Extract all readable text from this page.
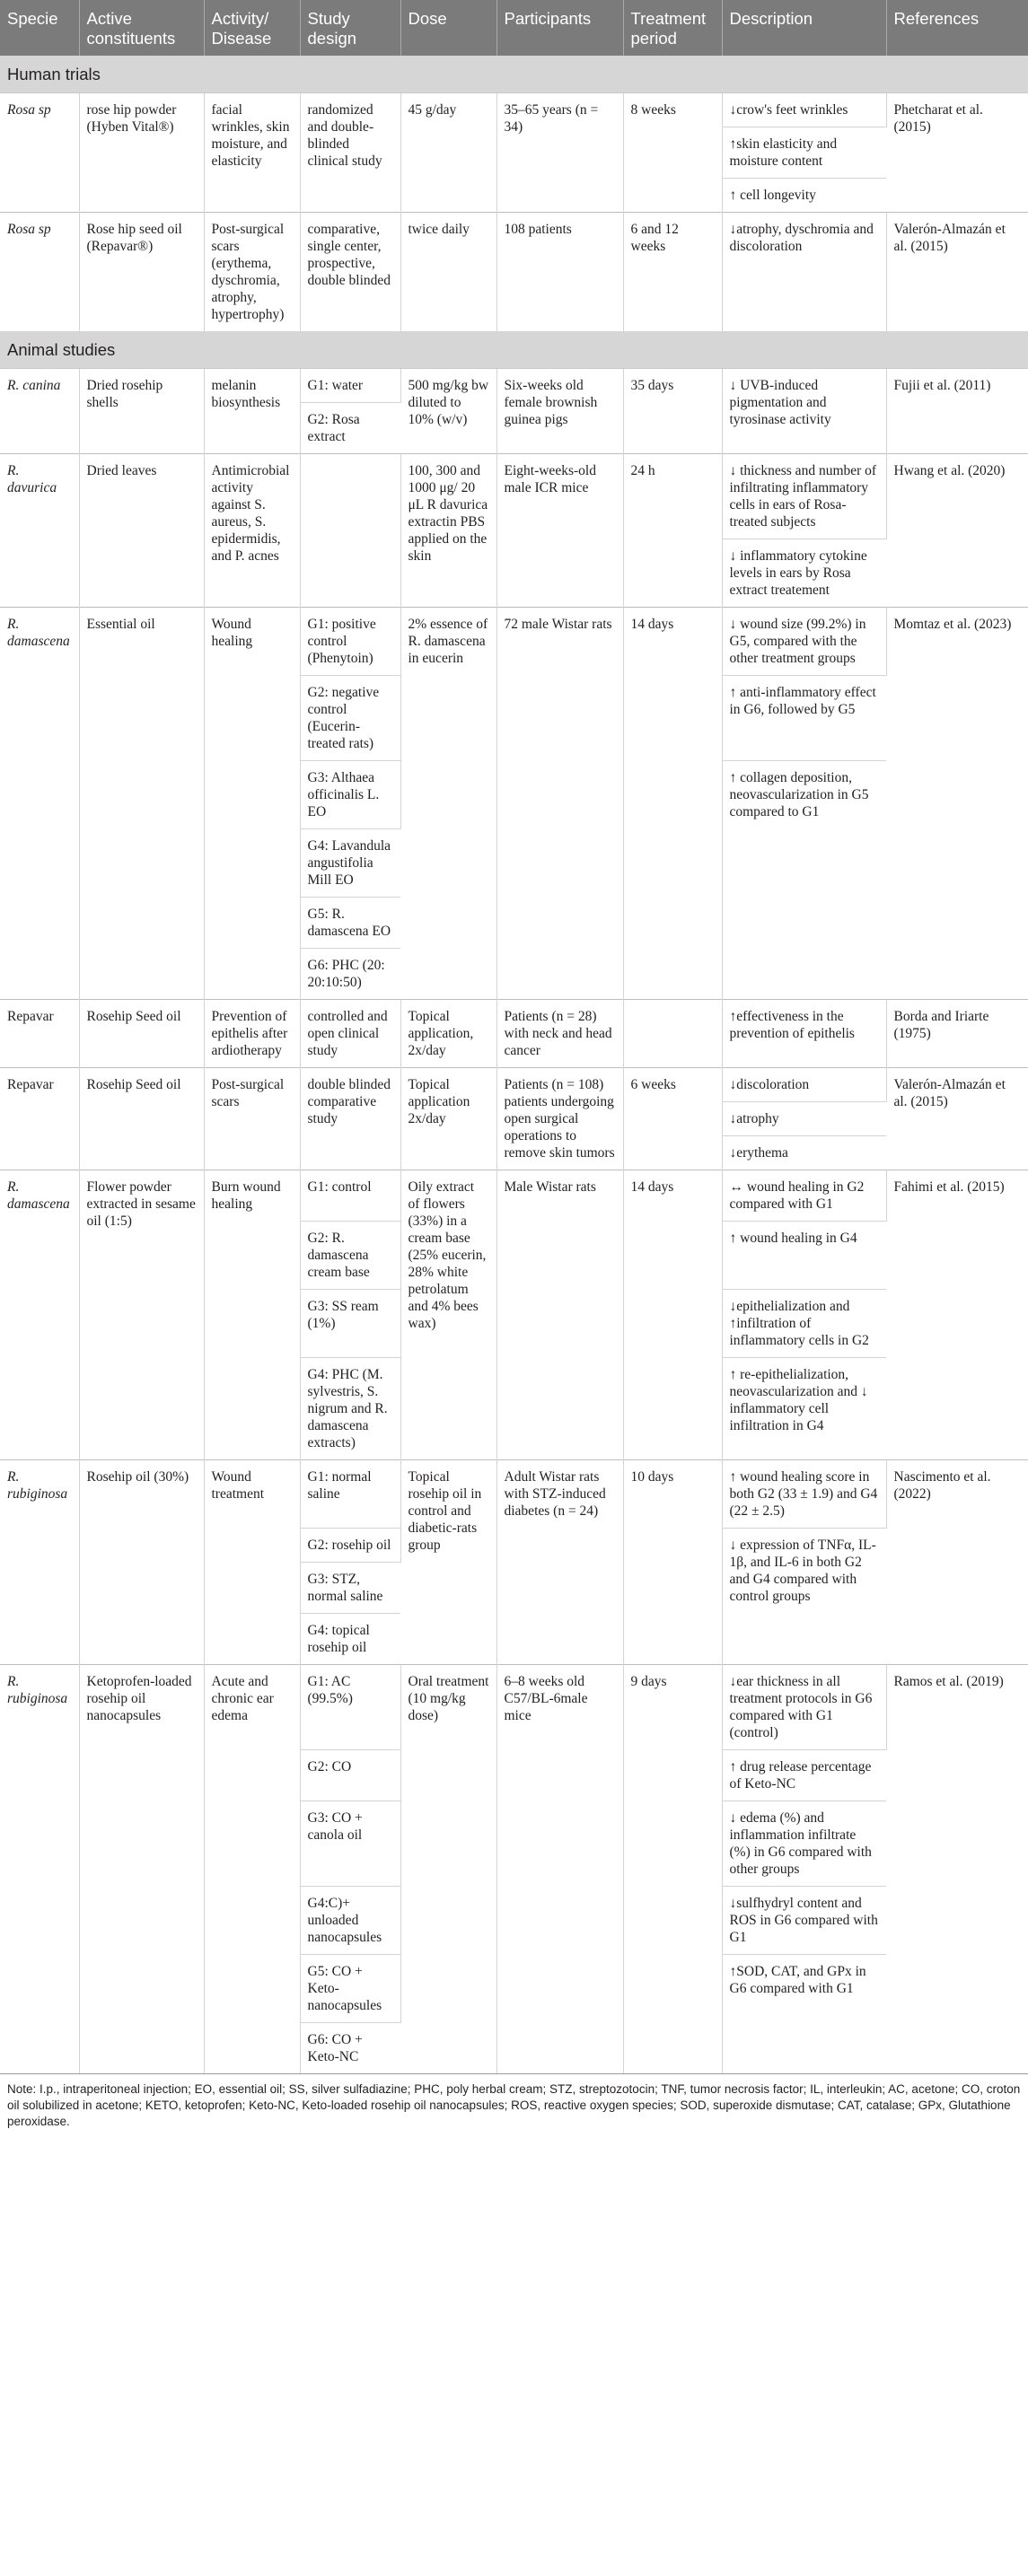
Specie	Active constituents	Activity/ Disease	Study design	Dose	Participants	Treatment period	Description	References
Human trials								
Rosa sp	rose hip powder (Hyben Vital®)	facial wrinkles, skin moisture, and elasticity	randomized and double-blinded clinical study	45 g/day	35–65 years (n = 34)	8 weeks	↓crow's feet wrinkles	Phetcharat et al. (2015)
							↑skin elasticity and moisture content	
							↑ cell longevity	
Rosa sp	Rose hip seed oil (Repavar®)	Post-surgical scars (erythema, dyschromia, atrophy, hypertrophy)	comparative, single center, prospective, double blinded	twice daily	108 patients	6 and 12 weeks	↓atrophy, dyschromia and discoloration	Valerón-Almazán et al. (2015)
Animal studies								
R. canina	Dried rosehip shells	melanin biosynthesis	G1: water	500 mg/kg bw diluted to 10% (w/v)	Six-weeks old female brownish guinea pigs	35 days	↓ UVB-induced pigmentation and tyrosinase activity	Fujii et al. (2011)
			G2: Rosa extract					
R. davurica	Dried leaves	Antimicrobial activity against S. aureus, S. epidermidis, and P. acnes		100, 300 and 1000 μg/ 20 μL R davurica extractin PBS applied on the skin	Eight-weeks-old male ICR mice	24 h	↓ thickness and number of infiltrating inflammatory cells in ears of Rosa-treated subjects	Hwang et al. (2020)
							↓ inflammatory cytokine levels in ears by Rosa extract treatement	
R. damascena	Essential oil	Wound healing	G1: positive control (Phenytoin)	2% essence of R. damascena in eucerin	72 male Wistar rats	14 days	↓ wound size (99.2%) in G5, compared with the other treatment groups	Momtaz et al. (2023)
			G2: negative control (Eucerin-treated rats)				↑ anti-inflammatory effect in G6, followed by G5	
			G3: Althaea officinalis L. EO				↑ collagen deposition, neovascularization in G5 compared to G1	
			G4: Lavandula angustifolia Mill EO					
			G5: R. damascena EO					
			G6: PHC (20: 20:10:50)					
Repavar	Rosehip Seed oil	Prevention of epithelis after ardiotherapy	controlled and open clinical study	Topical application, 2x/day	Patients (n = 28) with neck and head cancer		↑effectiveness in the prevention of epithelis	Borda and Iriarte (1975)
Repavar	Rosehip Seed oil	Post-surgical scars	double blinded comparative study	Topical application 2x/day	Patients (n = 108) patients undergoing open surgical operations to remove skin tumors	6 weeks	↓discoloration	Valerón-Almazán et al. (2015)
							↓atrophy	
							↓erythema	
R. damascena	Flower powder extracted in sesame oil (1:5)	Burn wound healing	G1: control	Oily extract of flowers (33%) in a cream base (25% eucerin, 28% white petrolatum and 4% bees wax)	Male Wistar rats	14 days	↔ wound healing in G2 compared with G1	Fahimi et al. (2015)
			G2: R. damascena cream base				↑ wound healing in G4	
			G3: SS ream (1%)				↓epithelialization and ↑infiltration of inflammatory cells in G2	
			G4: PHC (M. sylvestris, S. nigrum and R. damascena extracts)				↑ re-epithelialization, neovascularization and ↓ inflammatory cell infiltration in G4	
R. rubiginosa	Rosehip oil (30%)	Wound treatment	G1: normal saline	Topical rosehip oil in control and diabetic-rats group	Adult Wistar rats with STZ-induced diabetes (n = 24)	10 days	↑ wound healing score in both G2 (33 ± 1.9) and G4 (22 ± 2.5)	Nascimento et al. (2022)
			G2: rosehip oil				↓ expression of TNFα, IL-1β, and IL-6 in both G2 and G4 compared with control groups	
			G3: STZ, normal saline					
			G4: topical rosehip oil					
R. rubiginosa	Ketoprofen-loaded rosehip oil nanocapsules	Acute and chronic ear edema	G1: AC (99.5%)	Oral treatment (10 mg/kg dose)	6–8 weeks old C57/BL-6male mice	9 days	↓ear thickness in all treatment protocols in G6 compared with G1 (control)	Ramos et al. (2019)
			G2: CO				↑ drug release percentage of Keto-NC	
			G3: CO + canola oil				↓ edema (%) and inflammation infiltrate (%) in G6 compared with other groups	
			G4:C)+ unloaded nanocapsules				↓sulfhydryl content and ROS in G6 compared with G1	
			G5: CO + Keto-nanocapsules				↑SOD, CAT, and GPx in G6 compared with G1	
			G6: CO + Keto-NC					
Note: I.p., intraperitoneal injection; EO, essential oil; SS, silver sulfadiazine; PHC, poly herbal cream; STZ, streptozotocin; TNF, tumor necrosis factor; IL, interleukin; AC, acetone; CO, croton oil solubilized in acetone; KETO, ketoprofen; Keto-NC, Keto-loaded rosehip oil nanocapsules; ROS, reactive oxygen species; SOD, superoxide dismutase; CAT, catalase; GPx, Glutathione peroxidase.
